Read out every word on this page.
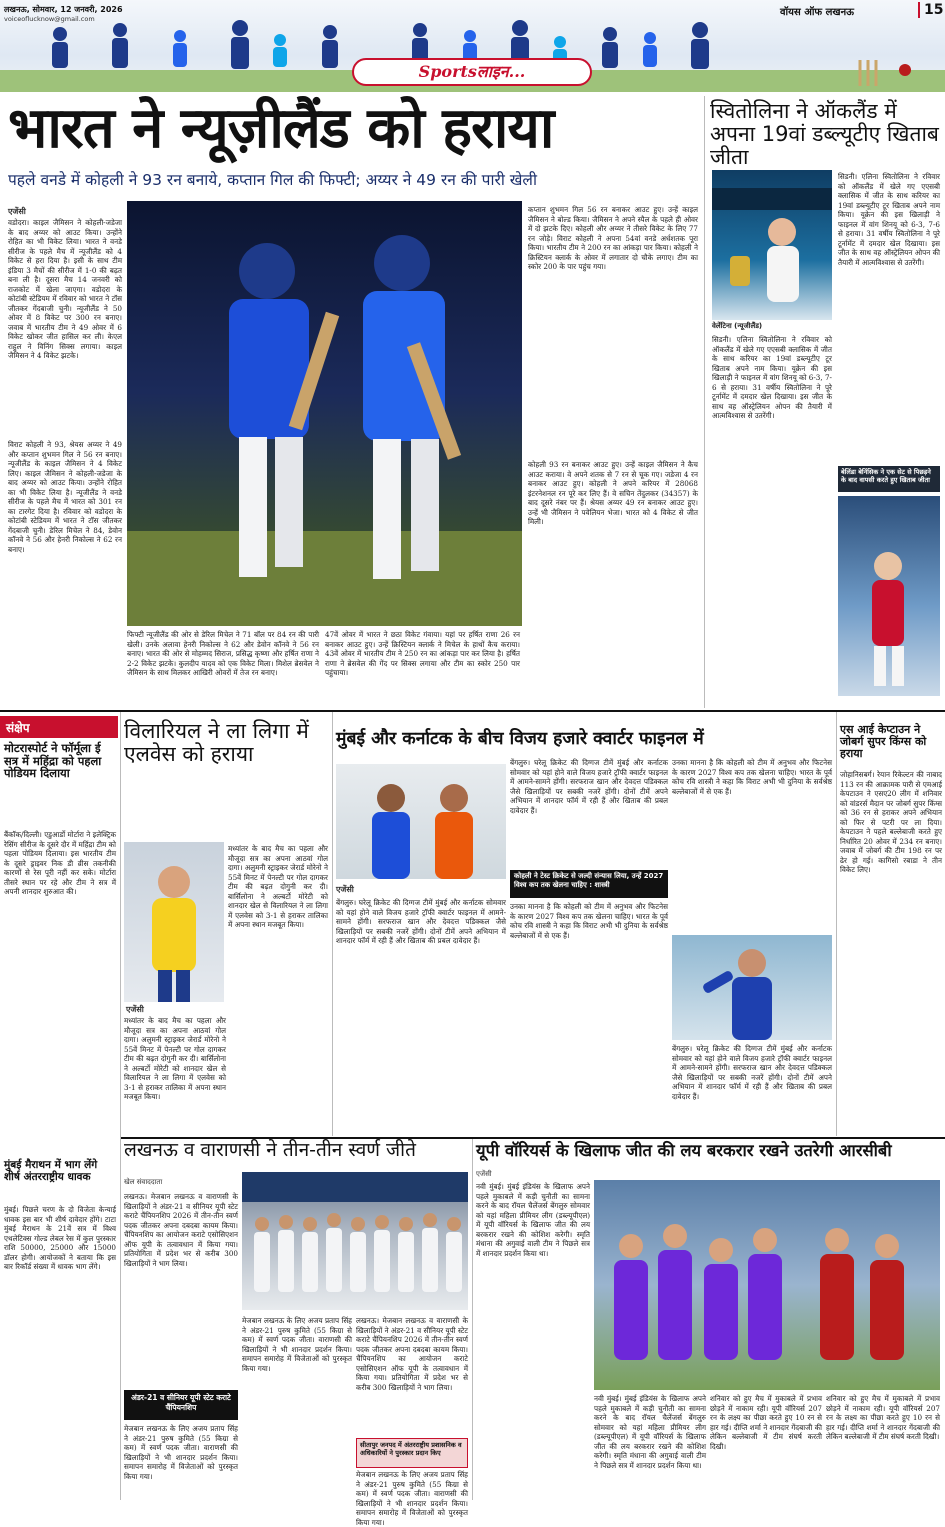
लखनऊ, सोमवार, 12 जनवरी, 2026
voiceoflucknow@gmail.com
वॉयस ऑफ लखनऊ	15
Sportsलाइन...
भारत ने न्यूज़ीलैंड को हराया
पहले वनडे में कोहली ने 93 रन बनाये, कप्तान गिल की फिफ्टी; अय्यर ने 49 रन की पारी खेली
एजेंसी
वडोदरा। काइल जैमिसन ने कोहली-जडेजा के बाद अय्यर को आउट किया। उन्होंने रोहित का भी विकेट लिया। भारत ने वनडे सीरीज के पहले मैच में न्यूजीलैंड को 4 विकेट से हरा दिया है। इसी के साथ टीम इंडिया 3 मैचों की सीरीज में 1-0 की बढ़त बना ली है। दूसरा मैच 14 जनवरी को राजकोट में खेला जाएगा। वडोदरा के कोटांबी स्टेडियम में रविवार को भारत ने टॉस जीतकर गेंदबाजी चुनी। न्यूजीलैंड ने 50 ओवर में 8 विकेट पर 300 रन बनाए। जवाब में भारतीय टीम ने 49 ओवर में 6 विकेट खोकर जीत हासिल कर ली। केएल राहुल ने विनिंग सिक्स लगाया। काइल जैमिसन ने 4 विकेट झटके।
विराट कोहली ने 93, श्रेयस अय्यर ने 49 और कप्तान शुभमन गिल ने 56 रन बनाए। न्यूजीलैंड के काइल जैमिसन ने 4 विकेट लिए। काइल जैमिसन ने कोहली-जडेजा के बाद अय्यर को आउट किया। उन्होंने रोहित का भी विकेट लिया है। न्यूजीलैंड ने वनडे सीरीज के पहले मैच में भारत को 301 रन का टारगेट दिया है। रविवार को वडोदरा के कोटांबी स्टेडियम में भारत ने टॉस जीतकर गेंदबाजी चुनी। डेरिल मिचेल ने 84, डेवोन कॉनवे ने 56 और हेनरी निकोल्स ने 62 रन बनाए।
फिफ्टी न्यूजीलैंड की ओर से डेरिल मिचेल ने 71 बॉल पर 84 रन की पारी खेली। उनके अलावा हेनरी निकोल्स ने 62 और डेवोन कॉनवे ने 56 रन बनाए। भारत की ओर से मोहम्मद सिराज, प्रसिद्ध कृष्णा और हर्षित राणा ने 2-2 विकेट झटके। कुलदीप यादव को एक विकेट मिला। मिशेल ब्रेसवेल ने जैमिसन के साथ मिलकर आखिरी ओवरों में तेज रन बनाए।
47वें ओवर में भारत ने छठा विकेट गंवाया। यहां पर हर्षित राणा 26 रन बनाकर आउट हुए। उन्हें क्रिस्टियन क्लार्क ने मिचेल के हाथों कैच कराया। 43वें ओवर में भारतीय टीम ने 250 रन का आंकड़ा पार कर लिया है। हर्षित राणा ने ब्रेसवेल की गेंद पर सिक्स लगाया और टीम का स्कोर 250 पार पहुंचाया।
कप्तान शुभमन गिल 56 रन बनाकर आउट हुए। उन्हें काइल जैमिसन ने बोल्ड किया। जैमिसन ने अपने स्पैल के पहले ही ओवर में दो झटके दिए। कोहली और अय्यर ने तीसरे विकेट के लिए 77 रन जोड़े। विराट कोहली ने अपना 54वां वनडे अर्धशतक पूरा किया। भारतीय टीम ने 200 रन का आंकड़ा पार किया। कोहली ने क्रिस्टियन क्लार्क के ओवर में लगातार दो चौके लगाए। टीम का स्कोर 200 के पार पहुंच गया।
कोहली 93 रन बनाकर आउट हुए। उन्हें काइल जैमिसन ने कैच आउट कराया। वे अपने शतक से 7 रन से चूक गए। जडेजा 4 रन बनाकर आउट हुए। कोहली ने अपने करियर में 28068 इंटरनेशनल रन पूरे कर लिए हैं। वे सचिन तेंदुलकर (34357) के बाद दूसरे नंबर पर हैं। श्रेयस अय्यर 49 रन बनाकर आउट हुए। उन्हें भी जैमिसन ने पवेलियन भेजा। भारत को 4 विकेट से जीत मिली।
स्वितोलिना ने ऑकलैंड में अपना 19वां डब्ल्यूटीए खिताब जीता
वेलेंटिना (न्यूजीलैंड)
सिडनी। एलिना स्वितोलिना ने रविवार को ऑकलैंड में खेले गए एएसबी क्लासिक में जीत के साथ करियर का 19वां डब्ल्यूटीए टूर खिताब अपने नाम किया। यूक्रेन की इस खिलाड़ी ने फाइनल में वांग शिनयू को 6-3, 7-6 से हराया। 31 वर्षीय स्वितोलिना ने पूरे टूर्नामेंट में दमदार खेल दिखाया। इस जीत के साथ वह ऑस्ट्रेलियन ओपन की तैयारी में आत्मविश्वास से उतरेंगी।
सिडनी। एलिना स्वितोलिना ने रविवार को ऑकलैंड में खेले गए एएसबी क्लासिक में जीत के साथ करियर का 19वां डब्ल्यूटीए टूर खिताब अपने नाम किया। यूक्रेन की इस खिलाड़ी ने फाइनल में वांग शिनयू को 6-3, 7-6 से हराया। 31 वर्षीय स्वितोलिना ने पूरे टूर्नामेंट में दमदार खेल दिखाया। इस जीत के साथ वह ऑस्ट्रेलियन ओपन की तैयारी में आत्मविश्वास से उतरेंगी।
बेलिंडा बेनिंसिक ने एक सेट से पिछड़ने के बाद वापसी करते हुए खिताब जीता
संक्षेप
मोटरास्पोर्ट ने फॉर्मूला ई सत्र में महिंद्रा को पहला पोडियम दिलाया
बैंकॉक/दिल्ली। एडुआर्डो मोर्टारा ने इलेक्ट्रिक रेसिंग सीरीज के दूसरे दौर में महिंद्रा टीम को पहला पोडियम दिलाया। इस भारतीय टीम के दूसरे ड्राइवर निक डी व्रीस तकनीकी कारणों से रेस पूरी नहीं कर सके। मोर्टारा तीसरे स्थान पर रहे और टीम ने सत्र में अपनी शानदार शुरुआत की।
मुंबई मैराथन में भाग लेंगे शीर्ष अंतरराष्ट्रीय धावक
मुंबई। पिछले चरण के दो विजेता केन्याई धावक इस बार भी शीर्ष दावेदार होंगे। टाटा मुंबई मैराथन के 21वें सत्र में विश्व एथलेटिक्स गोल्ड लेबल रेस में कुल पुरस्कार राशि 50000, 25000 और 15000 डॉलर होगी। आयोजकों ने बताया कि इस बार रिकॉर्ड संख्या में धावक भाग लेंगे।
विलारियल ने ला लिगा में एलवेस को हराया
एजेंसी
मध्यांतर के बाद मैच का पहला और मौजूदा सत्र का अपना आठवां गोल दागा। अलुमनी स्ट्राइकर जेरार्ड मोरेनो ने 55वें मिनट में पेनल्टी पर गोल दागकर टीम की बढ़त दोगुनी कर दी। बार्सिलोना ने अल्बर्टो मोरेटी को शानदार खेल से विलारियल ने ला लिगा में एलवेस को 3-1 से हराकर तालिका में अपना स्थान मजबूत किया।
मध्यांतर के बाद मैच का पहला और मौजूदा सत्र का अपना आठवां गोल दागा। अलुमनी स्ट्राइकर जेरार्ड मोरेनो ने 55वें मिनट में पेनल्टी पर गोल दागकर टीम की बढ़त दोगुनी कर दी। बार्सिलोना ने अल्बर्टो मोरेटी को शानदार खेल से विलारियल ने ला लिगा में एलवेस को 3-1 से हराकर तालिका में अपना स्थान मजबूत किया।
मुंबई और कर्नाटक के बीच विजय हजारे क्वार्टर फाइनल में
एजेंसी
बेंगलुरु। घरेलू क्रिकेट की दिग्गज टीमें मुंबई और कर्नाटक सोमवार को यहां होने वाले विजय हजारे ट्रॉफी क्वार्टर फाइनल में आमने-सामने होंगी। सरफराज खान और देवदत्त पडिक्कल जैसे खिलाड़ियों पर सबकी नजरें होंगी। दोनों टीमें अपने अभियान में शानदार फॉर्म में रही हैं और खिताब की प्रबल दावेदार हैं।
कोहली ने टेस्ट क्रिकेट से जल्दी संन्यास लिया, उन्हें 2027 विश्व कप तक खेलना चाहिए : शास्त्री
बेंगलुरु। घरेलू क्रिकेट की दिग्गज टीमें मुंबई और कर्नाटक सोमवार को यहां होने वाले विजय हजारे ट्रॉफी क्वार्टर फाइनल में आमने-सामने होंगी। सरफराज खान और देवदत्त पडिक्कल जैसे खिलाड़ियों पर सबकी नजरें होंगी। दोनों टीमें अपने अभियान में शानदार फॉर्म में रही हैं और खिताब की प्रबल दावेदार हैं।
उनका मानना है कि कोहली को टीम में अनुभव और फिटनेस के कारण 2027 विश्व कप तक खेलना चाहिए। भारत के पूर्व कोच रवि शास्त्री ने कहा कि विराट अभी भी दुनिया के सर्वश्रेष्ठ बल्लेबाजों में से एक हैं।
उनका मानना है कि कोहली को टीम में अनुभव और फिटनेस के कारण 2027 विश्व कप तक खेलना चाहिए। भारत के पूर्व कोच रवि शास्त्री ने कहा कि विराट अभी भी दुनिया के सर्वश्रेष्ठ बल्लेबाजों में से एक हैं।
बेंगलुरु। घरेलू क्रिकेट की दिग्गज टीमें मुंबई और कर्नाटक सोमवार को यहां होने वाले विजय हजारे ट्रॉफी क्वार्टर फाइनल में आमने-सामने होंगी। सरफराज खान और देवदत्त पडिक्कल जैसे खिलाड़ियों पर सबकी नजरें होंगी। दोनों टीमें अपने अभियान में शानदार फॉर्म में रही हैं और खिताब की प्रबल दावेदार हैं।
एस आई केप्टाउन ने जोबर्ग सुपर किंग्स को हराया
जोहानिसबर्ग। रेयान रिकेल्टन की नाबाद 113 रन की आक्रामक पारी से एमआई केपटाउन ने एसए20 लीग में शनिवार को वांडरर्स मैदान पर जोबर्ग सुपर किंग्स को 36 रन से हराकर अपने अभियान को फिर से पटरी पर ला दिया। केपटाउन ने पहले बल्लेबाजी करते हुए निर्धारित 20 ओवर में 234 रन बनाए। जवाब में जोबर्ग की टीम 198 रन पर ढेर हो गई। कागिसो रबाडा ने तीन विकेट लिए।
लखनऊ व वाराणसी ने तीन-तीन स्वर्ण जीते
खेल संवाददाता
लखनऊ। मेजबान लखनऊ व वाराणसी के खिलाड़ियों ने अंडर-21 व सीनियर यूपी स्टेट कराटे चैंपियनशिप 2026 में तीन-तीन स्वर्ण पदक जीतकर अपना दबदबा कायम किया। चैंपियनशिप का आयोजन कराटे एसोसिएशन ऑफ यूपी के तत्वावधान में किया गया। प्रतियोगिता में प्रदेश भर से करीब 300 खिलाड़ियों ने भाग लिया।
अंडर-21 व सीनियर यूपी स्टेट कराटे चैंपियनशिप
मेजबान लखनऊ के लिए अजय प्रताप सिंह ने अंडर-21 पुरुष कुमिते (55 किग्रा से कम) में स्वर्ण पदक जीता। वाराणसी की खिलाड़ियों ने भी शानदार प्रदर्शन किया। समापन समारोह में विजेताओं को पुरस्कृत किया गया।
मेजबान लखनऊ के लिए अजय प्रताप सिंह ने अंडर-21 पुरुष कुमिते (55 किग्रा से कम) में स्वर्ण पदक जीता। वाराणसी की खिलाड़ियों ने भी शानदार प्रदर्शन किया। समापन समारोह में विजेताओं को पुरस्कृत किया गया।
लखनऊ। मेजबान लखनऊ व वाराणसी के खिलाड़ियों ने अंडर-21 व सीनियर यूपी स्टेट कराटे चैंपियनशिप 2026 में तीन-तीन स्वर्ण पदक जीतकर अपना दबदबा कायम किया। चैंपियनशिप का आयोजन कराटे एसोसिएशन ऑफ यूपी के तत्वावधान में किया गया। प्रतियोगिता में प्रदेश भर से करीब 300 खिलाड़ियों ने भाग लिया।
सीतापुर जनपद में अंतरराष्ट्रीय प्रशासनिक व अधिकारियों ने पुरस्कार प्रदान किए
मेजबान लखनऊ के लिए अजय प्रताप सिंह ने अंडर-21 पुरुष कुमिते (55 किग्रा से कम) में स्वर्ण पदक जीता। वाराणसी की खिलाड़ियों ने भी शानदार प्रदर्शन किया। समापन समारोह में विजेताओं को पुरस्कृत किया गया।
यूपी वॉरियर्स के खिलाफ जीत की लय बरकरार रखने उतरेगी आरसीबी
एजेंसी
नवी मुंबई। मुंबई इंडियंस के खिलाफ अपने पहले मुकाबले में कड़ी चुनौती का सामना करने के बाद रॉयल चैलेंजर्स बेंगलुरु सोमवार को यहां महिला प्रीमियर लीग (डब्ल्यूपीएल) में यूपी वॉरियर्स के खिलाफ जीत की लय बरकरार रखने की कोशिश करेगी। स्मृति मंधाना की अगुवाई वाली टीम ने पिछले सत्र में शानदार प्रदर्शन किया था।
नवी मुंबई। मुंबई इंडियंस के खिलाफ अपने पहले मुकाबले में कड़ी चुनौती का सामना करने के बाद रॉयल चैलेंजर्स बेंगलुरु सोमवार को यहां महिला प्रीमियर लीग (डब्ल्यूपीएल) में यूपी वॉरियर्स के खिलाफ जीत की लय बरकरार रखने की कोशिश करेगी। स्मृति मंधाना की अगुवाई वाली टीम ने पिछले सत्र में शानदार प्रदर्शन किया था।
शनिवार को हुए मैच में मुकाबले में प्रभाव छोड़ने में नाकाम रही। यूपी वॉरियर्स 207 रन के लक्ष्य का पीछा करते हुए 10 रन से हार गई। दीप्ति शर्मा ने शानदार गेंदबाजी की लेकिन बल्लेबाजी में टीम संघर्ष करती दिखी।
शनिवार को हुए मैच में मुकाबले में प्रभाव छोड़ने में नाकाम रही। यूपी वॉरियर्स 207 रन के लक्ष्य का पीछा करते हुए 10 रन से हार गई। दीप्ति शर्मा ने शानदार गेंदबाजी की लेकिन बल्लेबाजी में टीम संघर्ष करती दिखी।
